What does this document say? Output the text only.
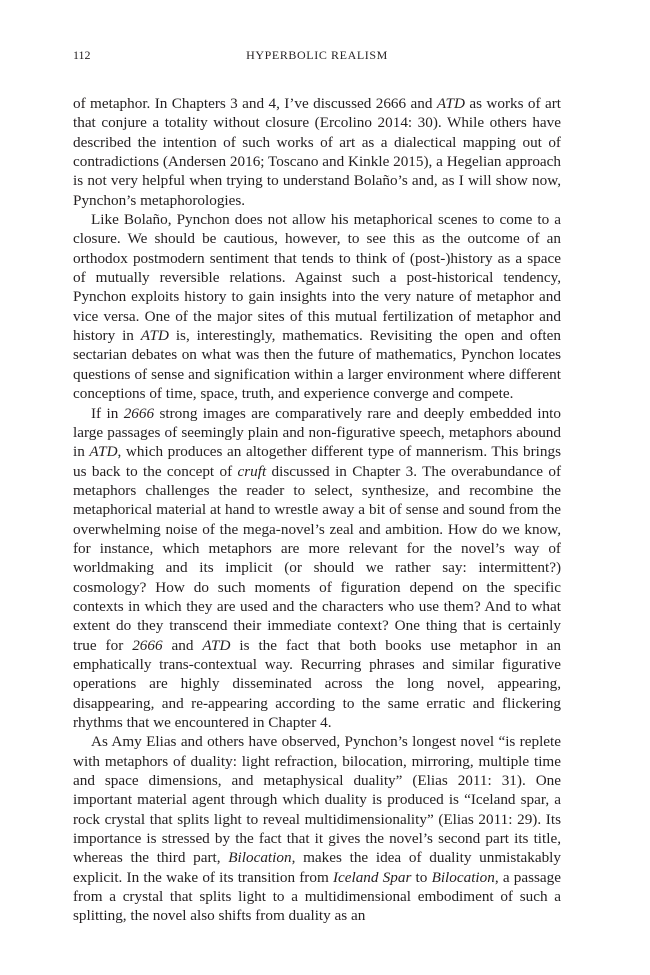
112	HYPERBOLIC REALISM

of metaphor. In Chapters 3 and 4, I’ve discussed 2666 and ATD as works of art that conjure a totality without closure (Ercolino 2014: 30). While others have described the intention of such works of art as a dialectical mapping out of contradictions (Andersen 2016; Toscano and Kinkle 2015), a Hegelian approach is not very helpful when trying to understand Bolaño’s and, as I will show now, Pynchon’s metaphorologies.

Like Bolaño, Pynchon does not allow his metaphorical scenes to come to a closure. We should be cautious, however, to see this as the outcome of an orthodox postmodern sentiment that tends to think of (post-)history as a space of mutually reversible relations. Against such a post-historical tendency, Pynchon exploits history to gain insights into the very nature of metaphor and vice versa. One of the major sites of this mutual fertilization of metaphor and history in ATD is, interestingly, mathematics. Revisiting the open and often sectarian debates on what was then the future of mathematics, Pynchon locates questions of sense and signification within a larger environment where different conceptions of time, space, truth, and experience converge and compete.

If in 2666 strong images are comparatively rare and deeply embedded into large passages of seemingly plain and non-figurative speech, metaphors abound in ATD, which produces an altogether different type of mannerism. This brings us back to the concept of cruft discussed in Chapter 3. The overabundance of metaphors challenges the reader to select, synthesize, and recombine the metaphorical material at hand to wrestle away a bit of sense and sound from the overwhelming noise of the mega-novel’s zeal and ambition. How do we know, for instance, which metaphors are more relevant for the novel’s way of worldmaking and its implicit (or should we rather say: intermittent?) cosmology? How do such moments of figuration depend on the specific contexts in which they are used and the characters who use them? And to what extent do they transcend their immediate context? One thing that is certainly true for 2666 and ATD is the fact that both books use metaphor in an emphatically trans-contextual way. Recurring phrases and similar figurative operations are highly disseminated across the long novel, appearing, disappearing, and re-appearing according to the same erratic and flickering rhythms that we encountered in Chapter 4.

As Amy Elias and others have observed, Pynchon’s longest novel “is replete with metaphors of duality: light refraction, bilocation, mirroring, multiple time and space dimensions, and metaphysical duality” (Elias 2011: 31). One important material agent through which duality is produced is “Iceland spar, a rock crystal that splits light to reveal multidimensionality” (Elias 2011: 29). Its importance is stressed by the fact that it gives the novel’s second part its title, whereas the third part, Bilocation, makes the idea of duality unmistakably explicit. In the wake of its transition from Iceland Spar to Bilocation, a passage from a crystal that splits light to a multidimensional embodiment of such a splitting, the novel also shifts from duality as an
